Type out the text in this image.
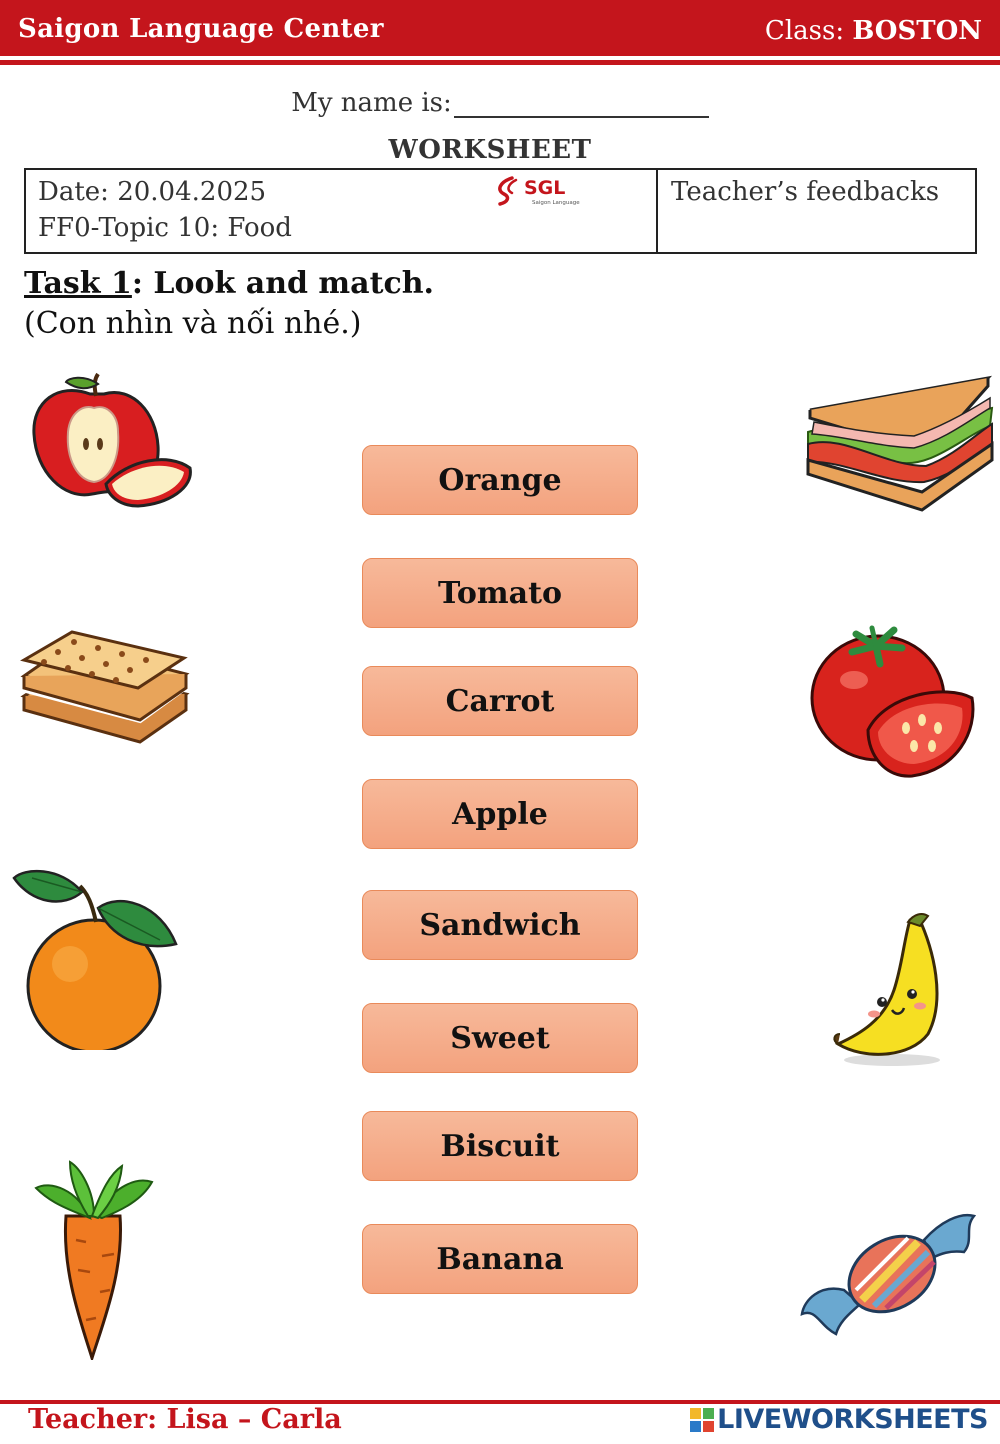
Saigon Language Center	Class: BOSTON
My name is:
WORKSHEET
Date: 20.04.2025
FF0-Topic 10: Food
SGL
Saigon Language	Teacher’s feedbacks
Task 1: Look and match.
(Con nhìn và nối nhé.)
Orange
Tomato
Carrot
Apple
Sandwich
Sweet
Biscuit
Banana
Teacher: Lisa – Carla	LIVEWORKSHEETS
